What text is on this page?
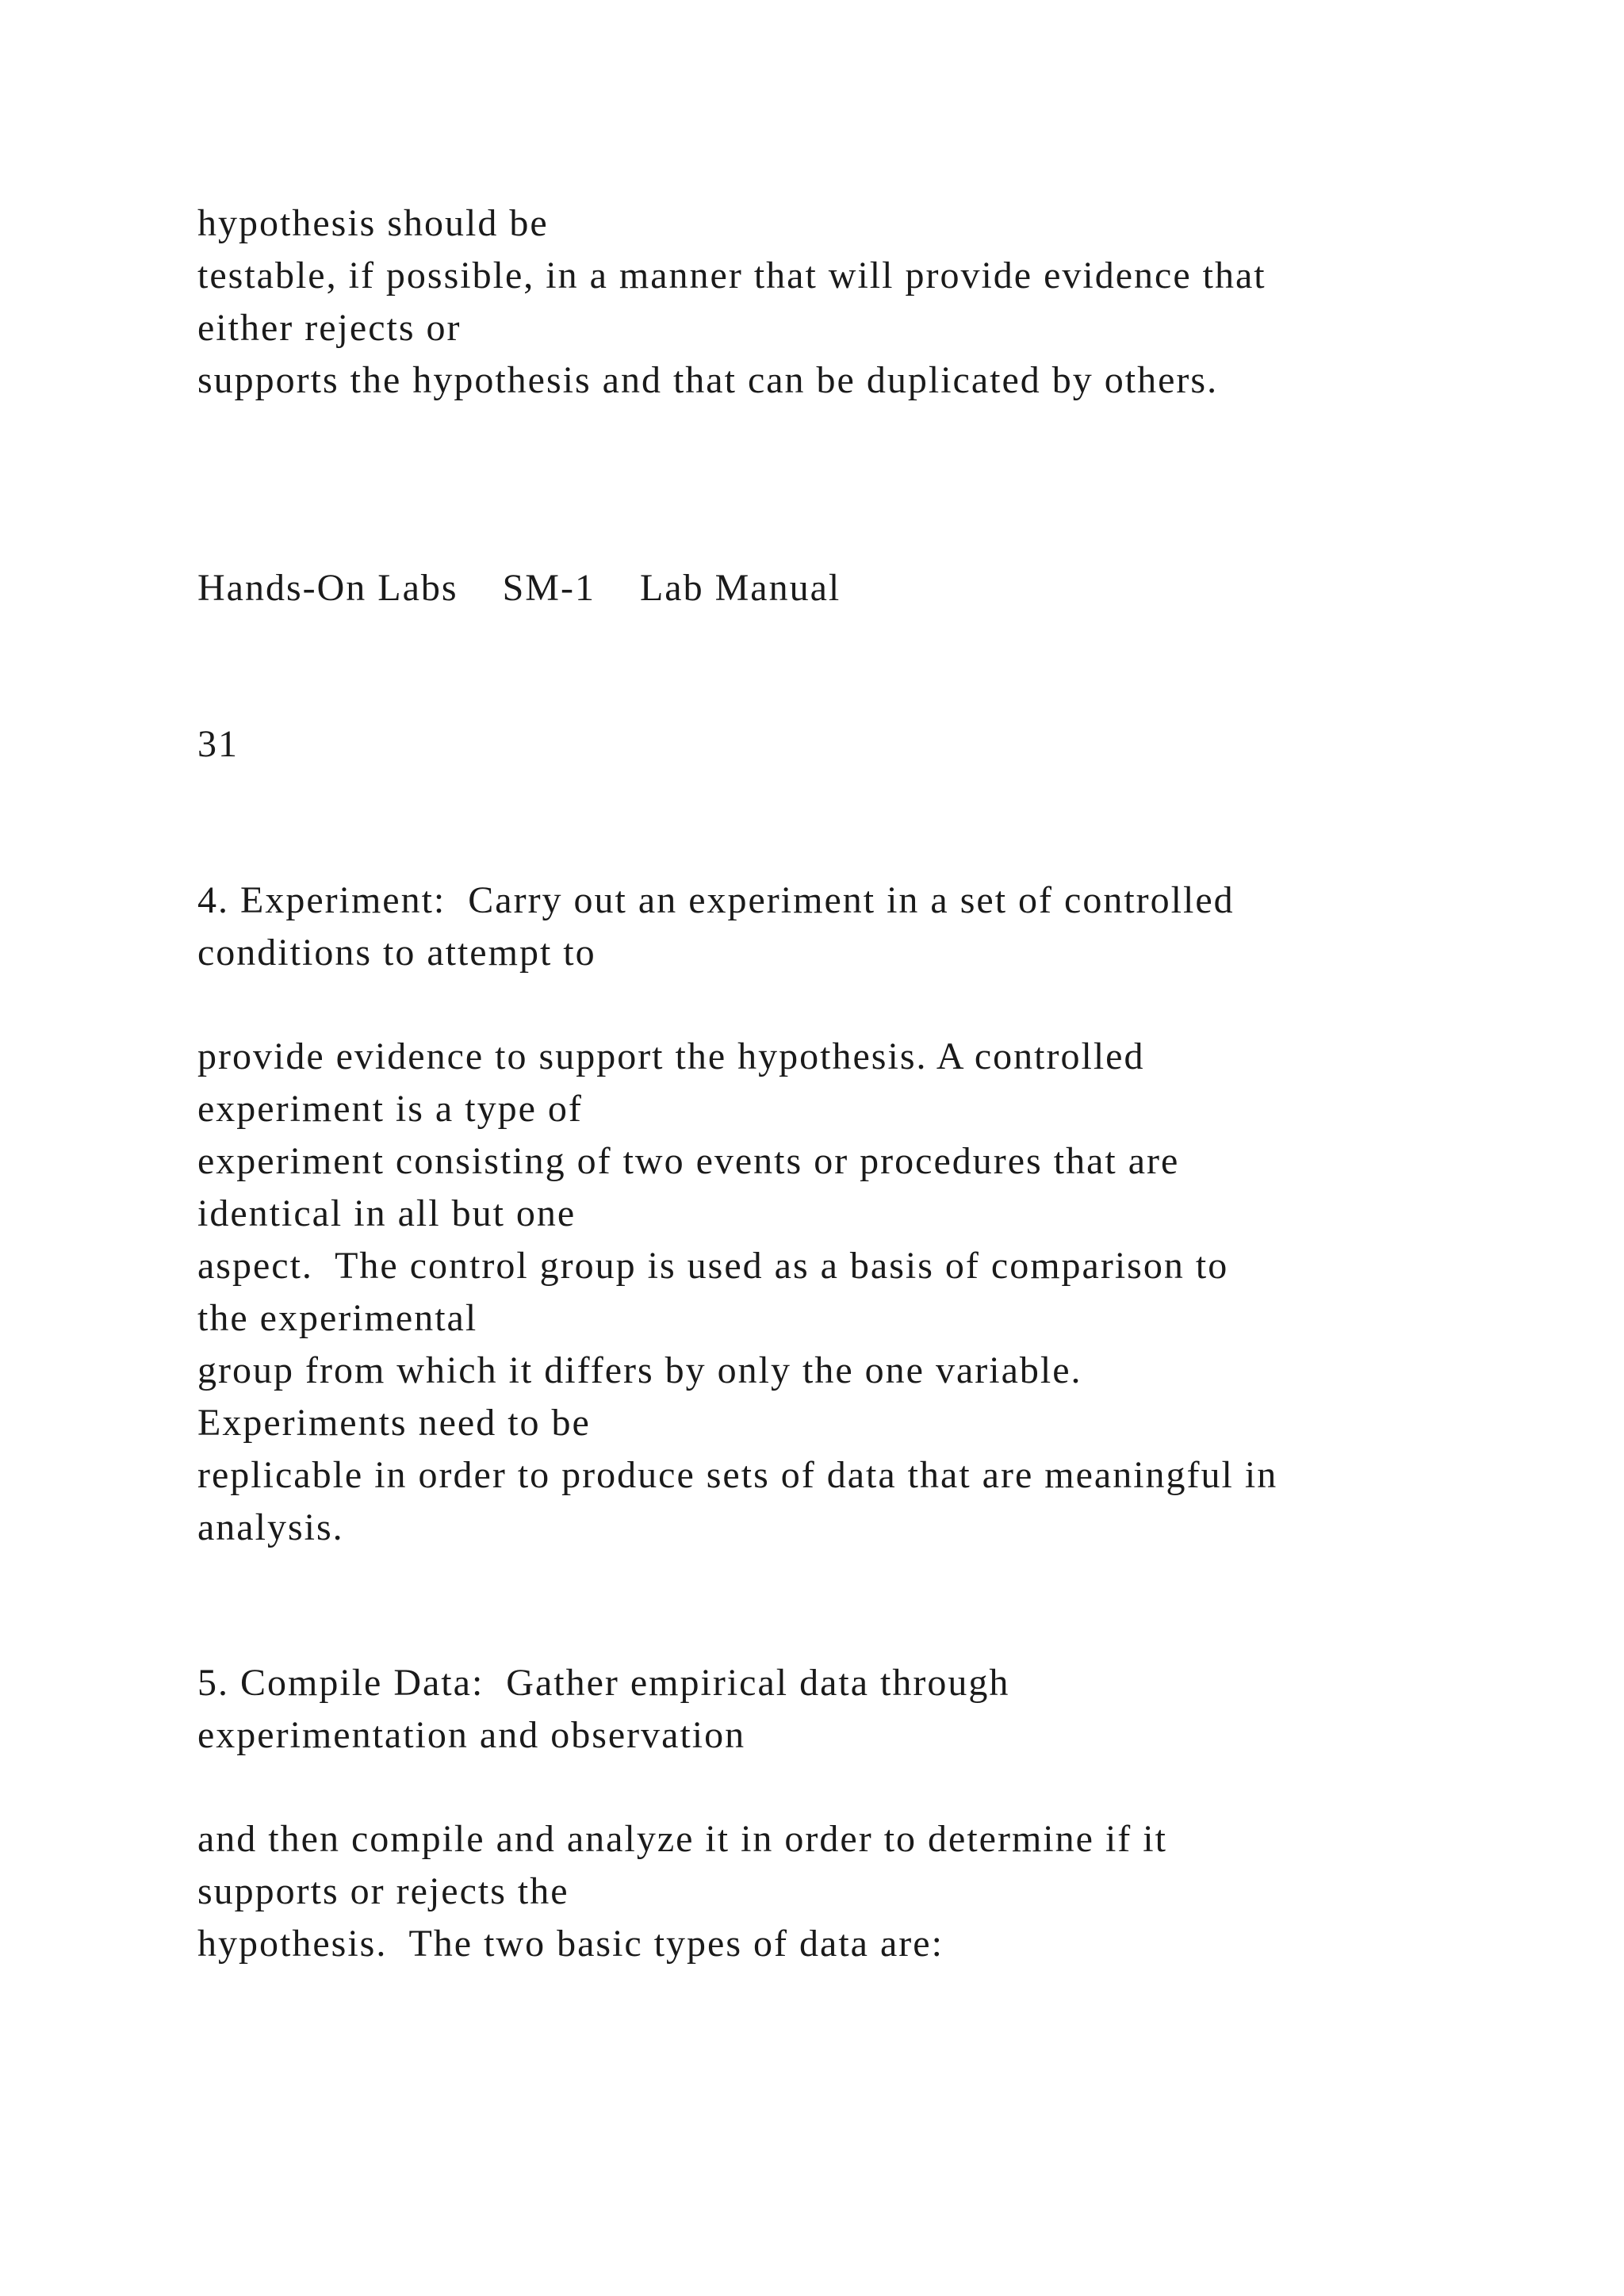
hypothesis should be
testable, if possible, in a manner that will provide evidence that
either rejects or
supports the hypothesis and that can be duplicated by others.
Hands-On Labs    SM-1    Lab Manual
31
4. Experiment:  Carry out an experiment in a set of controlled
conditions to attempt to
provide evidence to support the hypothesis. A controlled
experiment is a type of
experiment consisting of two events or procedures that are
identical in all but one
aspect.  The control group is used as a basis of comparison to
the experimental
group from which it differs by only the one variable.
Experiments need to be
replicable in order to produce sets of data that are meaningful in
analysis.
5. Compile Data:  Gather empirical data through
experimentation and observation
and then compile and analyze it in order to determine if it
supports or rejects the
hypothesis.  The two basic types of data are:
